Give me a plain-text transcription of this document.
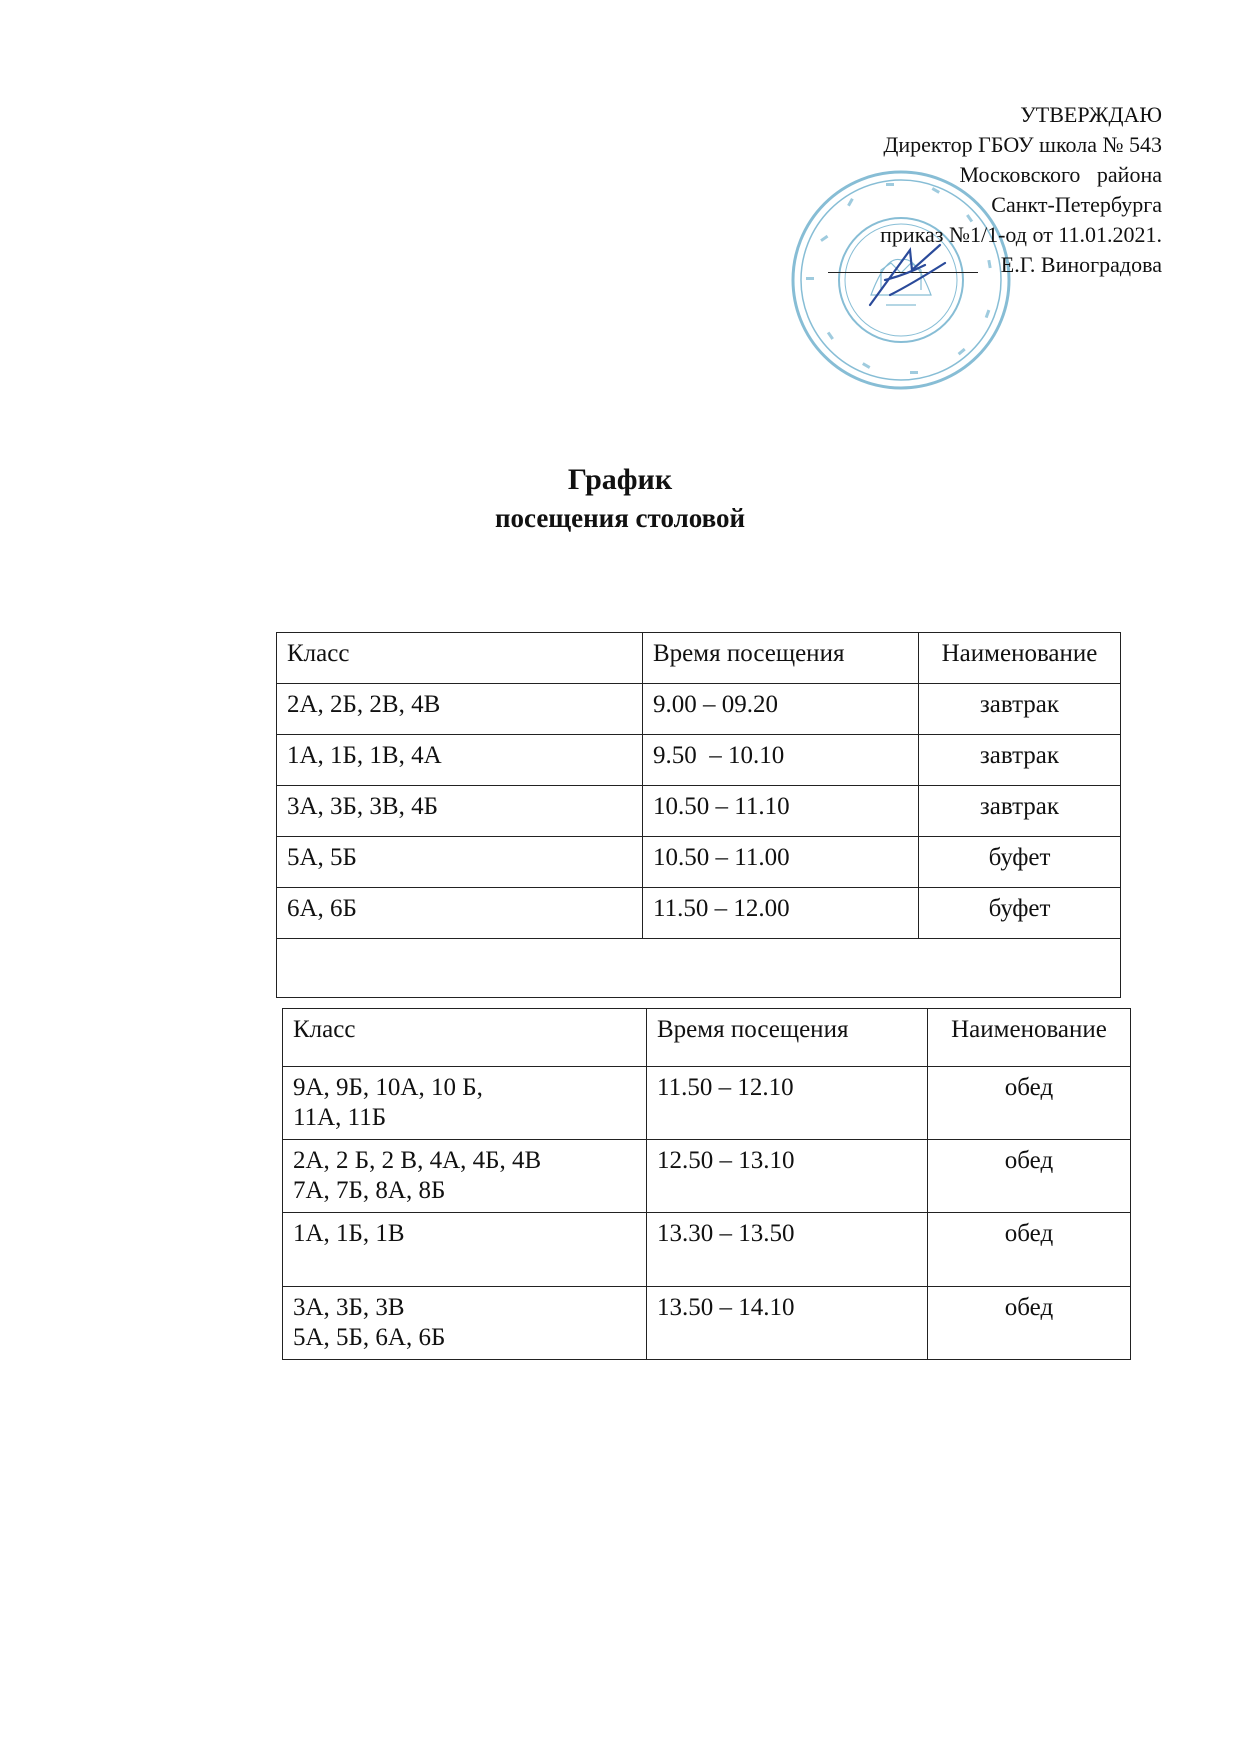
УТВЕРЖДАЮ
Директор ГБОУ школа № 543
Московского   района
Санкт-Петербурга
приказ №1/1-од от 11.01.2021.
Е.Г. Виноградова
График
посещения столовой
Класс	Время посещения	Наименование
2А, 2Б, 2В, 4В	9.00 – 09.20	завтрак
1А, 1Б, 1В, 4А	9.50  – 10.10	завтрак
3А, 3Б, 3В, 4Б	10.50 – 11.10	завтрак
5А, 5Б	10.50 – 11.00	буфет
6А, 6Б	11.50 – 12.00	буфет

Класс	Время посещения	Наименование

9А, 9Б, 10А, 10 Б,
11А, 11Б	11.50 – 12.10	обед

2А, 2 Б, 2 В, 4А, 4Б, 4В
7А, 7Б, 8А, 8Б	12.50 – 13.10	обед

1А, 1Б, 1В	13.30 – 13.50	обед

3А, 3Б, 3В
5А, 5Б, 6А, 6Б	13.50 – 14.10	обед
